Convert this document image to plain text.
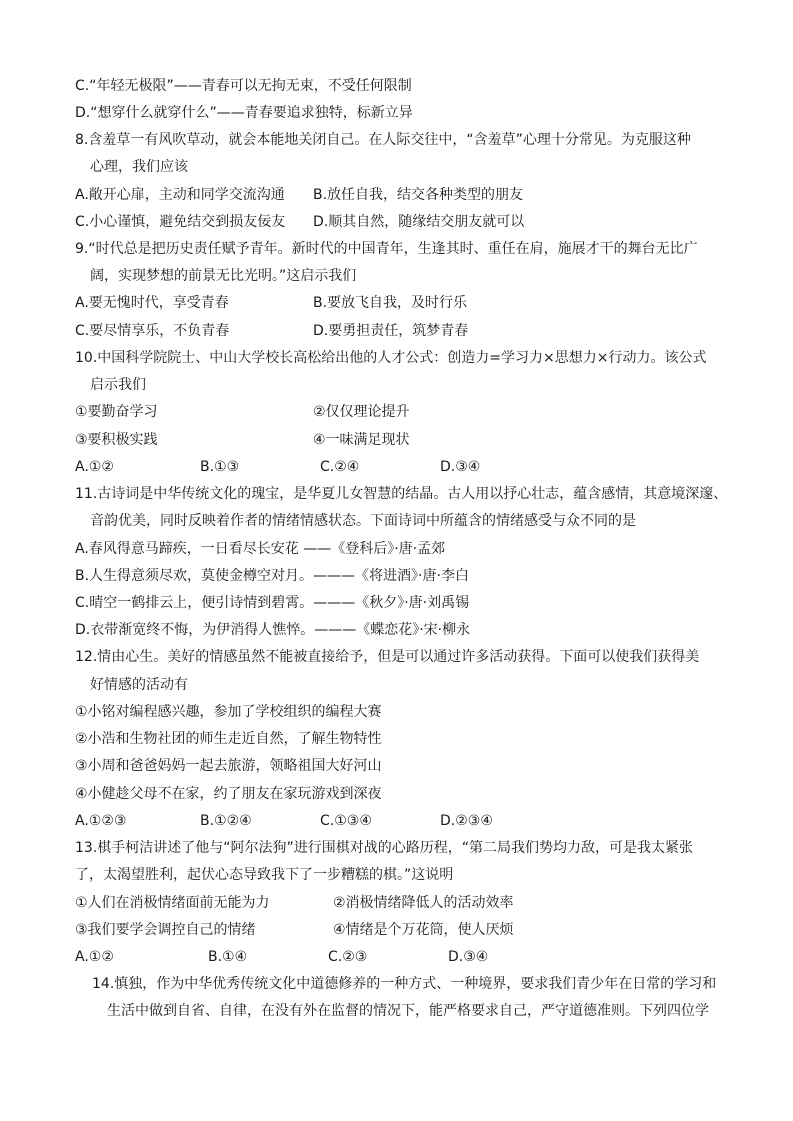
C.“年轻无极限”——青春可以无拘无束，不受任何限制
D.“想穿什么就穿什么”——青春要追求独特，标新立异
8.含羞草一有风吹草动，就会本能地关闭自己。在人际交往中，“含羞草”心理十分常见。为克服这种
心理，我们应该
A.敞开心扉，主动和同学交流沟通 B.放任自我，结交各种类型的朋友
C.小心谨慎，避免结交到损友佞友 D.顺其自然，随缘结交朋友就可以
9.“时代总是把历史责任赋予青年。新时代的中国青年，生逢其时、重任在肩，施展才干的舞台无比广
阔，实现梦想的前景无比光明。”这启示我们
A.要无愧时代，享受青春	B.要放飞自我，及时行乐
C.要尽情享乐，不负青春	D.要勇担责任，筑梦青春
10.中国科学院院士、中山大学校长高松给出他的人才公式：创造力=学习力×思想力×行动力。该公式
启示我们
①要勤奋学习	②仅仅理论提升
③要积极实践	④一味满足现状
A.①②	B.①③	C.②④	D.③④
11.古诗词是中华传统文化的瑰宝，是华夏儿女智慧的结晶。古人用以抒心壮志，蕴含感情，其意境深邃、
音韵优美，同时反映着作者的情绪情感状态。下面诗词中所蕴含的情绪感受与众不同的是
A.春风得意马蹄疾，一日看尽长安花 ——《登科后》·唐·孟郊
B.人生得意须尽欢，莫使金樽空对月。———《将进酒》·唐·李白
C.晴空一鹤排云上，便引诗情到碧霄。———《秋夕》·唐·刘禹锡
D.衣带渐宽终不悔，为伊消得人憔悴。———《蝶恋花》·宋·柳永
12.情由心生。美好的情感虽然不能被直接给予，但是可以通过许多活动获得。下面可以使我们获得美
好情感的活动有
①小铭对编程感兴趣，参加了学校组织的编程大赛
②小浩和生物社团的师生走近自然，了解生物特性
③小周和爸爸妈妈一起去旅游，领略祖国大好河山
④小健趁父母不在家，约了朋友在家玩游戏到深夜
A.①②③	B.①②④	C.①③④	D.②③④
13.棋手柯洁讲述了他与“阿尔法狗”进行围棋对战的心路历程，“第二局我们势均力敌，可是我太紧张
了，太渴望胜利，起伏心态导致我下了一步糟糕的棋。”这说明
①人们在消极情绪面前无能为力	②消极情绪降低人的活动效率
③我们要学会调控自己的情绪	④情绪是个万花筒，使人厌烦
A.①②	B.①④	C.②③	D.③④
14.慎独，作为中华优秀传统文化中道德修养的一种方式、一种境界，要求我们青少年在日常的学习和
生活中做到自省、自律，在没有外在监督的情况下，能严格要求自己，严守道德准则。下列四位学
